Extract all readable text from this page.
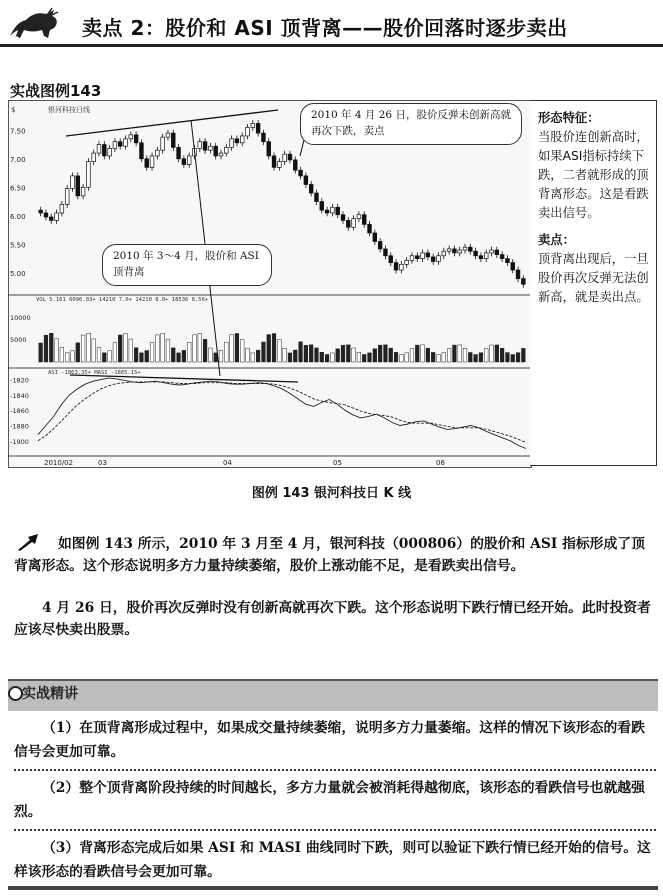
卖点 2：股价和 ASI 顶背离——股价回落时逐步卖出
实战图例143
7.50
7.00
6.50
6.00
5.50
5.00
10000
5000
-1820
-1840
-1860
-1880
-1900
2010/02	03	04	05	06
银河科技日线
$
VOL 5.101 6096.03+ 14210 7.0+ 14210 8.0+ 18536 8.56+
ASI -1863.35+ MASI -1865.15+
2010 年 4 月 26 日，股价反弹未创新高就再次下跌，卖点
2010 年 3～4 月，股价和 ASI 顶背离

形态特征：

当股价连创新高时，如果ASI指标持续下跌，二者就形成的顶背离形态。这是看跌卖出信号。

卖点：

顶背离出现后，一旦股价再次反弹无法创新高，就是卖出点。

图例 143 银河科技日 K 线
如图例 143 所示，2010 年 3 月至 4 月，银河科技（000806）的股价和 ASI 指标形成了顶背离形态。这个形态说明多方力量持续萎缩，股价上涨动能不足，是看跌卖出信号。
4 月 26 日，股价再次反弹时没有创新高就再次下跌。这个形态说明下跌行情已经开始。此时投资者应该尽快卖出股票。
实战精讲
（1）在顶背离形成过程中，如果成交量持续萎缩，说明多方力量萎缩。这样的情况下该形态的看跌信号会更加可靠。
（2）整个顶背离阶段持续的时间越长，多方力量就会被消耗得越彻底，该形态的看跌信号也就越强烈。
（3）背离形态完成后如果 ASI 和 MASI 曲线同时下跌，则可以验证下跌行情已经开始的信号。这样该形态的看跌信号会更加可靠。
